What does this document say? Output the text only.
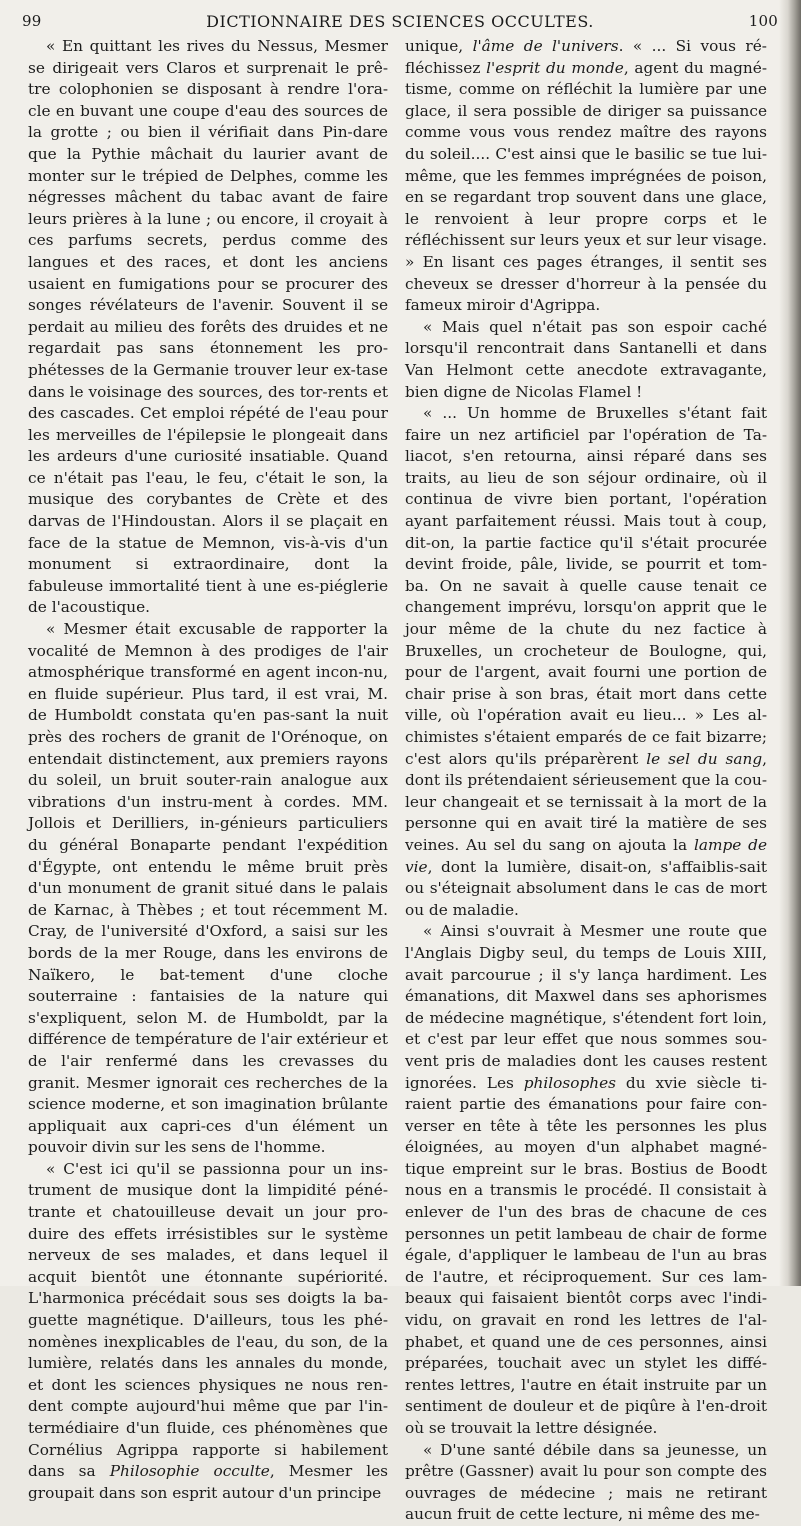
99	DICTIONNAIRE DES SCIENCES OCCULTES.	100

« En quittant les rives du Nessus, Mesmer se dirigeait vers Claros et surprenait le prê-tre colophonien se disposant à rendre l'ora-cle en buvant une coupe d'eau des sources de la grotte ; ou bien il vérifiait dans Pin-dare que la Pythie mâchait du laurier avant de monter sur le trépied de Delphes, comme les négresses mâchent du tabac avant de faire leurs prières à la lune ; ou encore, il croyait à ces parfums secrets, perdus comme des langues et des races, et dont les anciens usaient en fumigations pour se procurer des songes révélateurs de l'avenir. Souvent il se perdait au milieu des forêts des druides et ne regardait pas sans étonnement les pro-phétesses de la Germanie trouver leur ex-tase dans le voisinage des sources, des tor-rents et des cascades. Cet emploi répété de l'eau pour les merveilles de l'épilepsie le plongeait dans les ardeurs d'une curiosité insatiable. Quand ce n'était pas l'eau, le feu, c'était le son, la musique des corybantes de Crète et des darvas de l'Hindoustan. Alors il se plaçait en face de la statue de Memnon, vis-à-vis d'un monument si extraordinaire, dont la fabuleuse immortalité tient à une es-piéglerie de l'acoustique.

« Mesmer était excusable de rapporter la vocalité de Memnon à des prodiges de l'air atmosphérique transformé en agent incon-nu, en fluide supérieur. Plus tard, il est vrai, M. de Humboldt constata qu'en pas-sant la nuit près des rochers de granit de l'Orénoque, on entendait distinctement, aux premiers rayons du soleil, un bruit souter-rain analogue aux vibrations d'un instru-ment à cordes. MM. Jollois et Derilliers, in-génieurs particuliers du général Bonaparte pendant l'expédition d'Égypte, ont entendu le même bruit près d'un monument de granit situé dans le palais de Karnac, à Thèbes ; et tout récemment M. Cray, de l'université d'Oxford, a saisi sur les bords de la mer Rouge, dans les environs de Naïkero, le bat-tement d'une cloche souterraine : fantaisies de la nature qui s'expliquent, selon M. de Humboldt, par la différence de température de l'air extérieur et de l'air renfermé dans les crevasses du granit. Mesmer ignorait ces recherches de la science moderne, et son imagination brûlante appliquait aux capri-ces d'un élément un pouvoir divin sur les sens de l'homme.

« C'est ici qu'il se passionna pour un ins-trument de musique dont la limpidité péné-trante et chatouilleuse devait un jour pro-duire des effets irrésistibles sur le système nerveux de ses malades, et dans lequel il acquit bientôt une étonnante supériorité. L'harmonica précédait sous ses doigts la ba-guette magnétique. D'ailleurs, tous les phé-nomènes inexplicables de l'eau, du son, de la lumière, relatés dans les annales du monde, et dont les sciences physiques ne nous ren-dent compte aujourd'hui même que par l'in-termédiaire d'un fluide, ces phénomènes que Cornélius Agrippa rapporte si habilement dans sa Philosophie occulte, Mesmer les groupait dans son esprit autour d'un principe

unique, l'âme de l'univers. « ... Si vous ré-fléchissez l'esprit du monde, agent du magné-tisme, comme on réfléchit la lumière par une glace, il sera possible de diriger sa puissance comme vous vous rendez maître des rayons du soleil.... C'est ainsi que le basilic se tue lui-même, que les femmes imprégnées de poison, en se regardant trop souvent dans une glace, le renvoient à leur propre corps et le réfléchissent sur leurs yeux et sur leur visage. » En lisant ces pages étranges, il sentit ses cheveux se dresser d'horreur à la pensée du fameux miroir d'Agrippa.

« Mais quel n'était pas son espoir caché lorsqu'il rencontrait dans Santanelli et dans Van Helmont cette anecdote extravagante, bien digne de Nicolas Flamel !

« ... Un homme de Bruxelles s'étant fait faire un nez artificiel par l'opération de Ta-liacot, s'en retourna, ainsi réparé dans ses traits, au lieu de son séjour ordinaire, où il continua de vivre bien portant, l'opération ayant parfaitement réussi. Mais tout à coup, dit-on, la partie factice qu'il s'était procurée devint froide, pâle, livide, se pourrit et tom-ba. On ne savait à quelle cause tenait ce changement imprévu, lorsqu'on apprit que le jour même de la chute du nez factice à Bruxelles, un crocheteur de Boulogne, qui, pour de l'argent, avait fourni une portion de chair prise à son bras, était mort dans cette ville, où l'opération avait eu lieu... » Les al-chimistes s'étaient emparés de ce fait bizarre; c'est alors qu'ils préparèrent le sel du sang, dont ils prétendaient sérieusement que la cou-leur changeait et se ternissait à la mort de la personne qui en avait tiré la matière de ses veines. Au sel du sang on ajouta la lampe de vie, dont la lumière, disait-on, s'affaiblis-sait ou s'éteignait absolument dans le cas de mort ou de maladie.

« Ainsi s'ouvrait à Mesmer une route que l'Anglais Digby seul, du temps de Louis XIII, avait parcourue ; il s'y lança hardiment. Les émanations, dit Maxwel dans ses aphorismes de médecine magnétique, s'étendent fort loin, et c'est par leur effet que nous sommes sou-vent pris de maladies dont les causes restent ignorées. Les philosophes du xvie siècle ti-raient partie des émanations pour faire con-verser en tête à tête les personnes les plus éloignées, au moyen d'un alphabet magné-tique empreint sur le bras. Bostius de Boodt nous en a transmis le procédé. Il consistait à enlever de l'un des bras de chacune de ces personnes un petit lambeau de chair de forme égale, d'appliquer le lambeau de l'un au bras de l'autre, et réciproquement. Sur ces lam-beaux qui faisaient bientôt corps avec l'indi-vidu, on gravait en rond les lettres de l'al-phabet, et quand une de ces personnes, ainsi préparées, touchait avec un stylet les diffé-rentes lettres, l'autre en était instruite par un sentiment de douleur et de piqûre à l'en-droit où se trouvait la lettre désignée.

« D'une santé débile dans sa jeunesse, un prêtre (Gassner) avait lu pour son compte des ouvrages de médecine ; mais ne retirant aucun fruit de cette lecture, ni même des me-
